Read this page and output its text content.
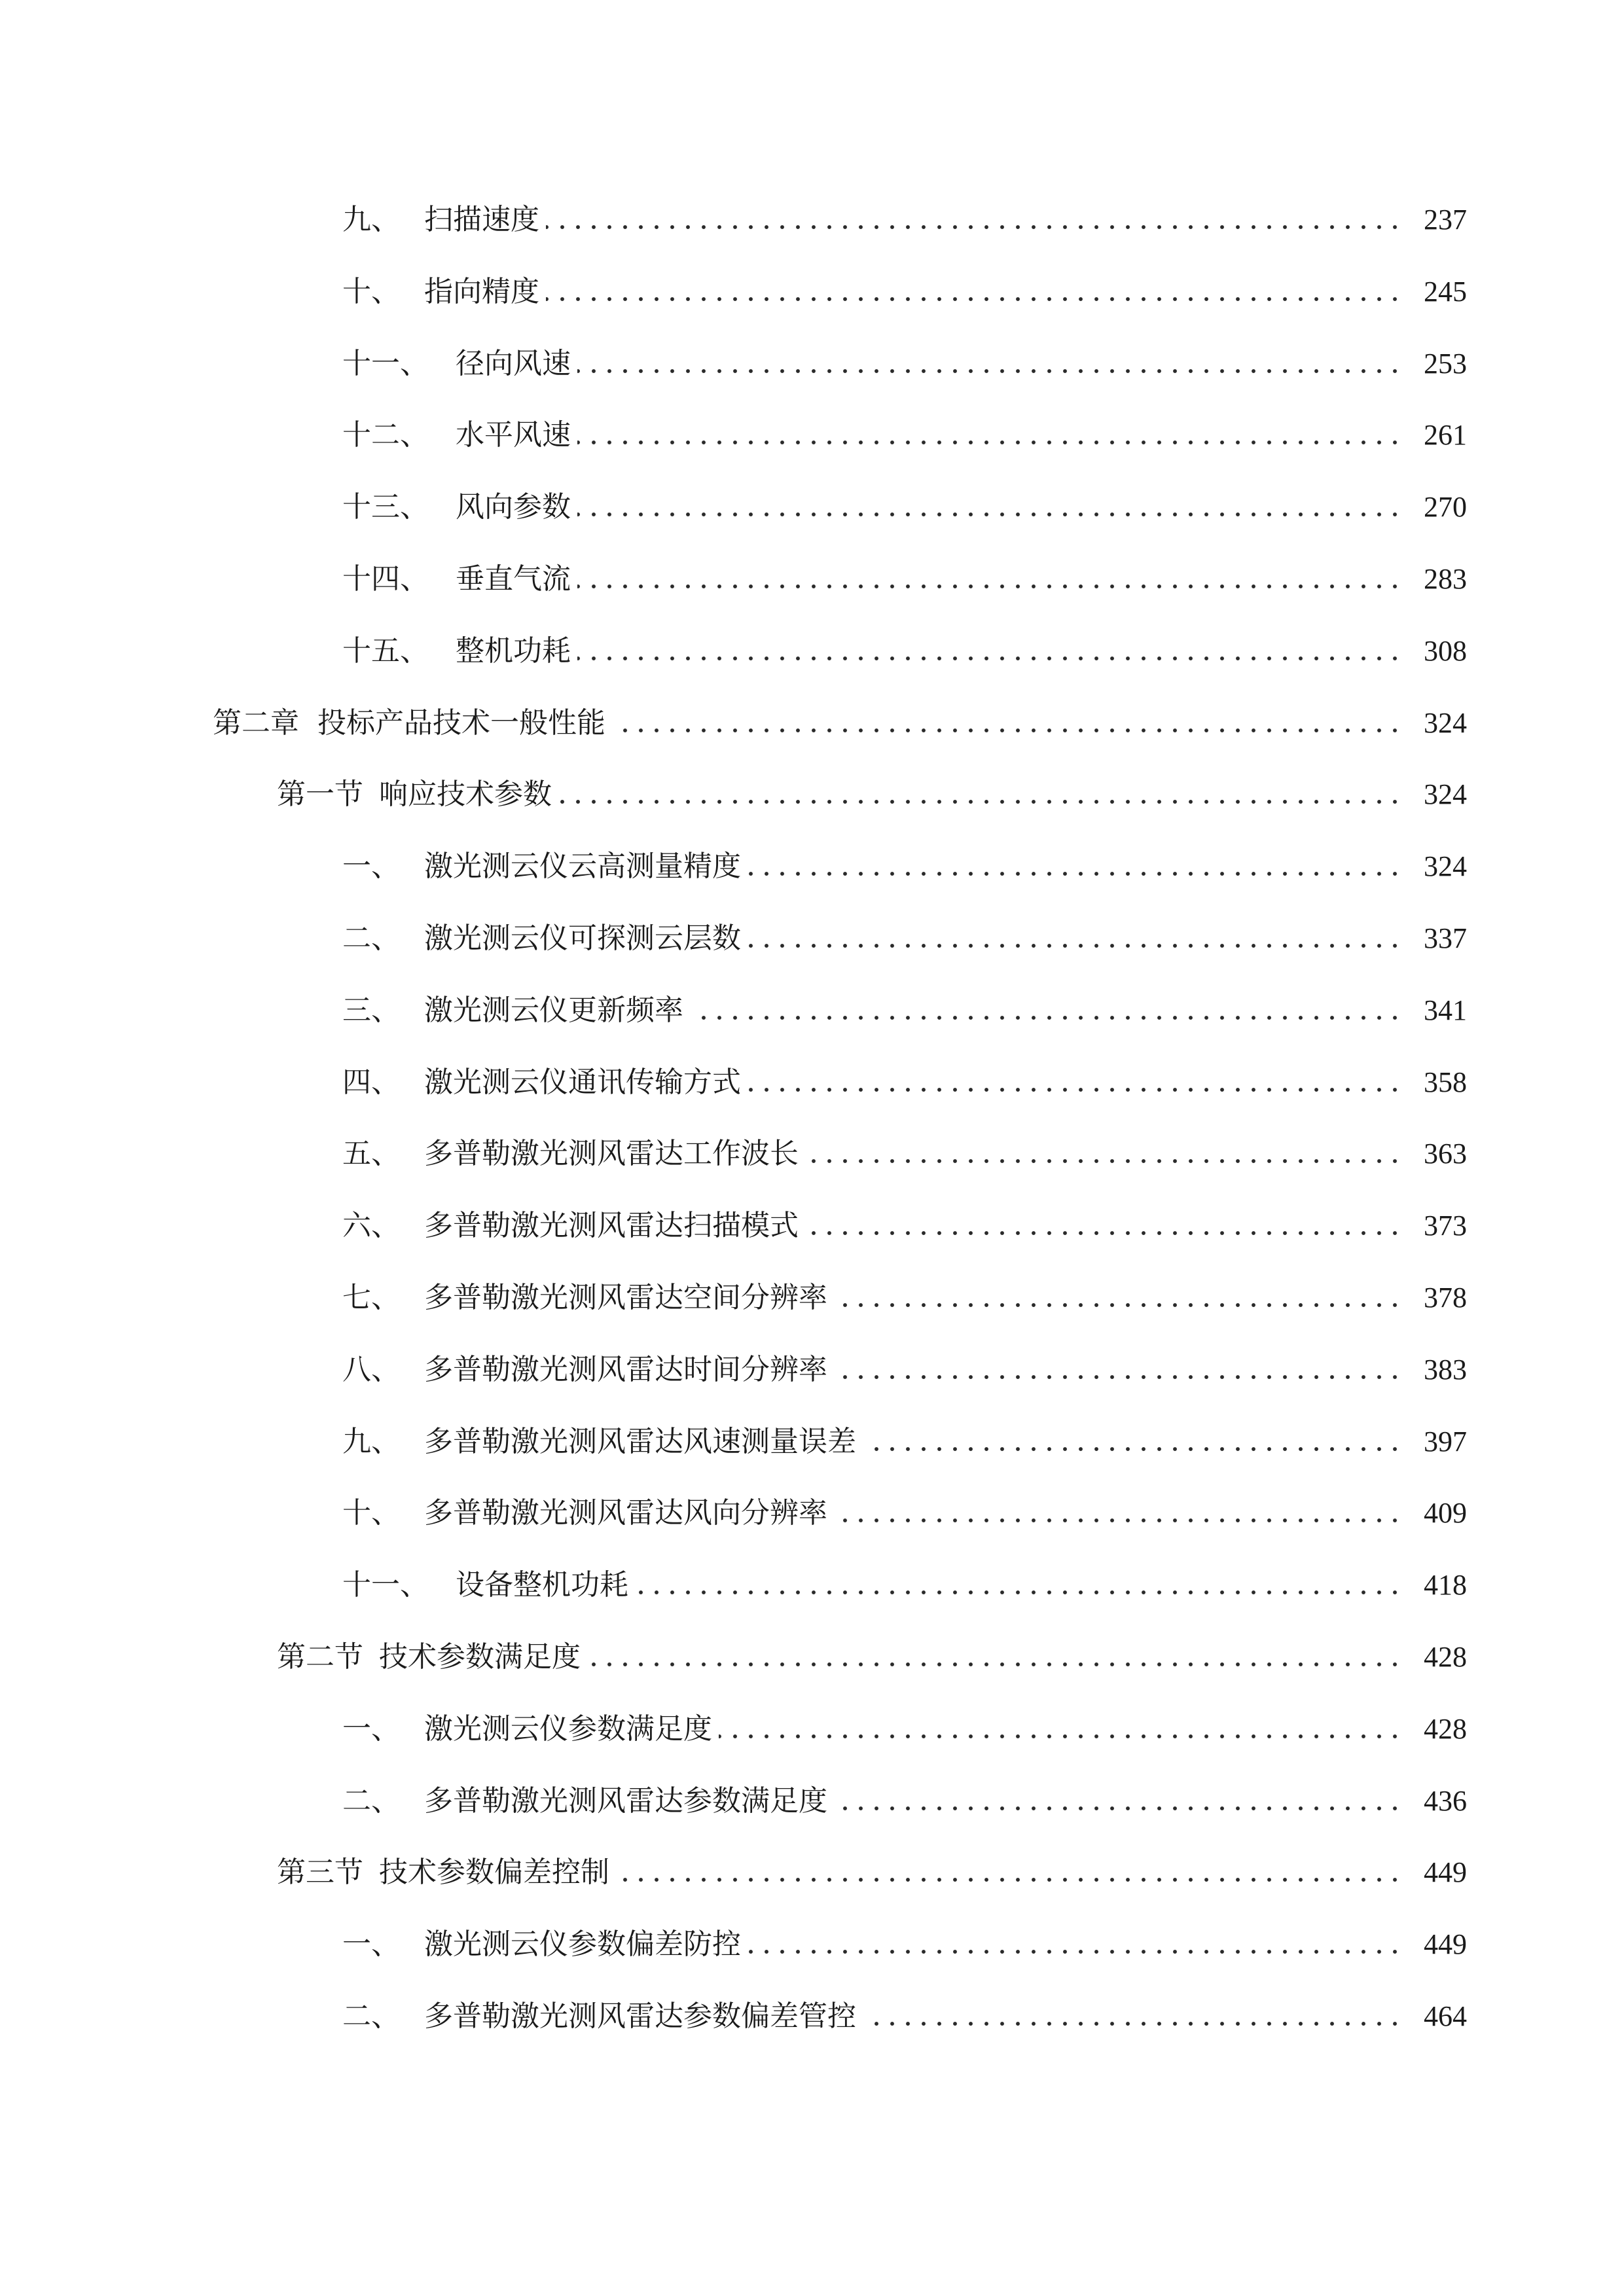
九、 扫描速度	237
十、 指向精度	245
十一、 径向风速	253
十二、 水平风速	261
十三、 风向参数	270
十四、 垂直气流	283
十五、 整机功耗	308
第二章 投标产品技术一般性能	324
第一节 响应技术参数	324
一、 激光测云仪云高测量精度	324
二、 激光测云仪可探测云层数	337
三、 激光测云仪更新频率	341
四、 激光测云仪通讯传输方式	358
五、 多普勒激光测风雷达工作波长	363
六、 多普勒激光测风雷达扫描模式	373
七、 多普勒激光测风雷达空间分辨率	378
八、 多普勒激光测风雷达时间分辨率	383
九、 多普勒激光测风雷达风速测量误差	397
十、 多普勒激光测风雷达风向分辨率	409
十一、 设备整机功耗	418
第二节 技术参数满足度	428
一、 激光测云仪参数满足度	428
二、 多普勒激光测风雷达参数满足度	436
第三节 技术参数偏差控制	449
一、 激光测云仪参数偏差防控	449
二、 多普勒激光测风雷达参数偏差管控	464
